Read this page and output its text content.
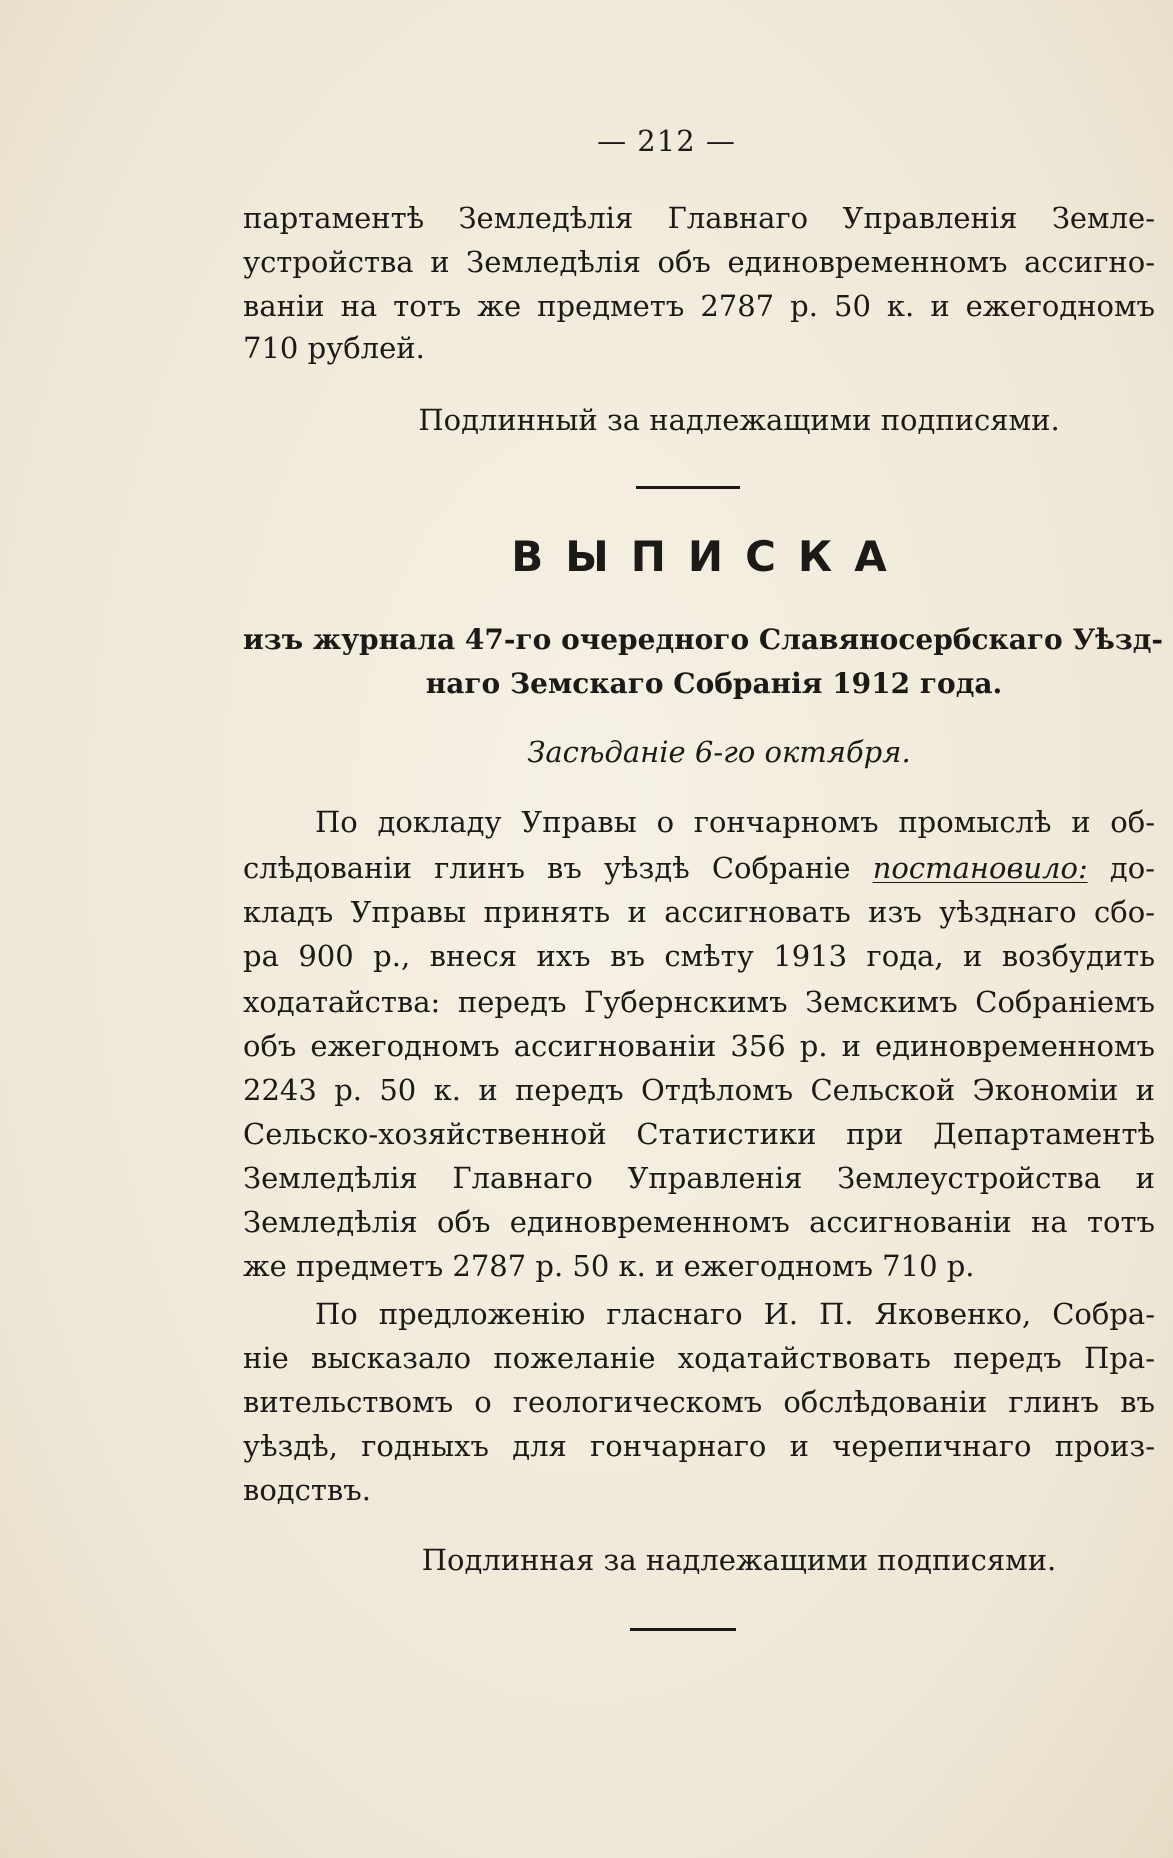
— 212 —
партаментѣ Земледѣлія Главнаго Управленія Земле-
устройства и Земледѣлія объ единовременномъ ассигно-
ваніи на тотъ же предметъ 2787 р. 50 к. и ежегодномъ
710 рублей.
Подлинный за надлежащими подписями.
ВЫПИСКА
изъ журнала 47-го очередного Славяносербскаго Уѣзд-
наго Земскаго Собранія 1912 года.
Засѣданіе 6-го октября.
По докладу Управы о гончарномъ промыслѣ и об-
слѣдованіи глинъ въ уѣздѣ Собраніе постановило: до-
кладъ Управы принять и ассигновать изъ уѣзднаго сбо-
ра 900 р., внеся ихъ въ смѣту 1913 года, и возбудить
ходатайства: передъ Губернскимъ Земскимъ Собраніемъ
объ ежегодномъ ассигнованіи 356 р. и единовременномъ
2243 р. 50 к. и передъ Отдѣломъ Сельской Экономіи и
Сельско-хозяйственной Статистики при Департаментѣ
Земледѣлія Главнаго Управленія Землеустройства и
Земледѣлія объ единовременномъ ассигнованіи на тотъ
же предметъ 2787 р. 50 к. и ежегодномъ 710 р.
По предложенію гласнаго И. П. Яковенко, Собра-
ніе высказало пожеланіе ходатайствовать передъ Пра-
вительствомъ о геологическомъ обслѣдованіи глинъ въ
уѣздѣ, годныхъ для гончарнаго и черепичнаго произ-
водствъ.
Подлинная за надлежащими подписями.
